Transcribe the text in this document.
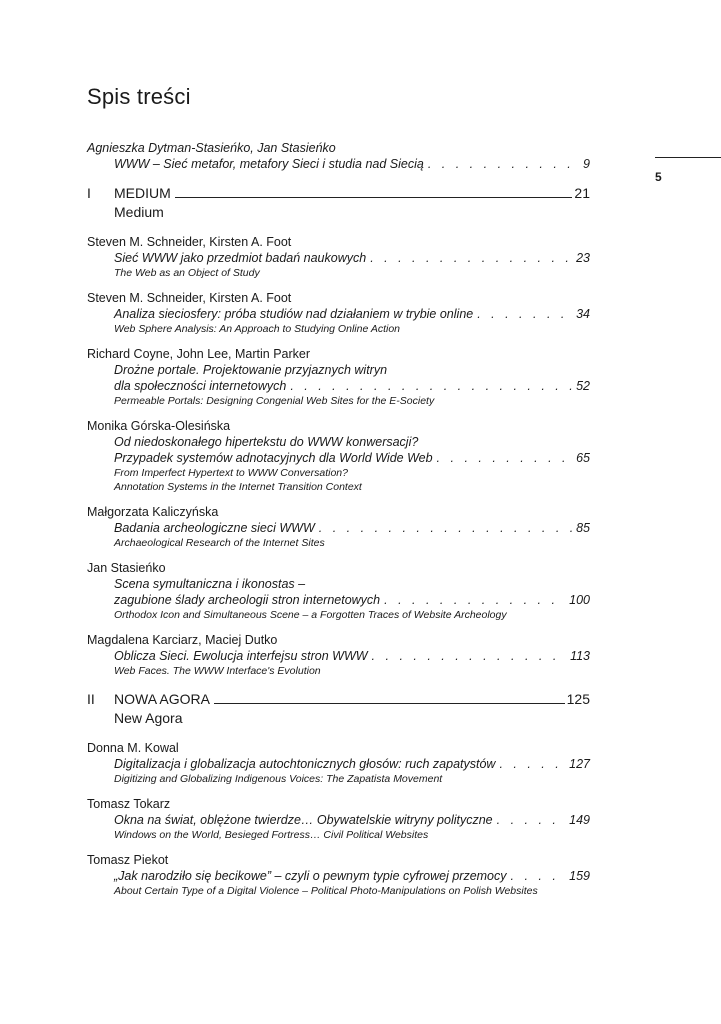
Spis treści
5
Agnieszka Dytman-Stasieńko, Jan Stasieńko
WWW – Sieć metafor, metafory Sieci i studia nad Siecią . . .	9
I	MEDIUM	21
Medium
Steven M. Schneider, Kirsten A. Foot
Sieć WWW jako przedmiot badań naukowych . . .	23
The Web as an Object of Study
Steven M. Schneider, Kirsten A. Foot
Analiza sieciosfery: próba studiów nad działaniem w trybie online . . .	34
Web Sphere Analysis: An Approach to Studying Online Action
Richard Coyne, John Lee, Martin Parker
Drożne portale. Projektowanie przyjaznych witryn
dla społeczności internetowych . . .	52
Permeable Portals: Designing Congenial Web Sites for the E-Society
Monika Górska-Olesińska
Od niedoskonałego hipertekstu do WWW konwersacji?
Przypadek systemów adnotacyjnych dla World Wide Web . . .	65
From Imperfect Hypertext to WWW Conversation?
Annotation Systems in the Internet Transition Context
Małgorzata Kaliczyńska
Badania archeologiczne sieci WWW . . .	85
Archaeological Research of the Internet Sites
Jan Stasieńko
Scena symultaniczna i ikonostas –
zagubione ślady archeologii stron internetowych . . .	100
Orthodox Icon and Simultaneous Scene – a Forgotten Traces of Website Archeology
Magdalena Karciarz, Maciej Dutko
Oblicza Sieci. Ewolucja interfejsu stron WWW . . .	113
Web Faces. The WWW Interface's Evolution
II	NOWA AGORA	125
New Agora
Donna M. Kowal
Digitalizacja i globalizacja autochtonicznych głosów: ruch zapatystów . . .	127
Digitizing and Globalizing Indigenous Voices: The Zapatista Movement
Tomasz Tokarz
Okna na świat, oblężone twierdze… Obywatelskie witryny polityczne . . .	149
Windows on the World, Besieged Fortress… Civil Political Websites
Tomasz Piekot
„Jak narodziło się becikowe” – czyli o pewnym typie cyfrowej przemocy . . .	159
About Certain Type of a Digital Violence – Political Photo-Manipulations on Polish Websites
